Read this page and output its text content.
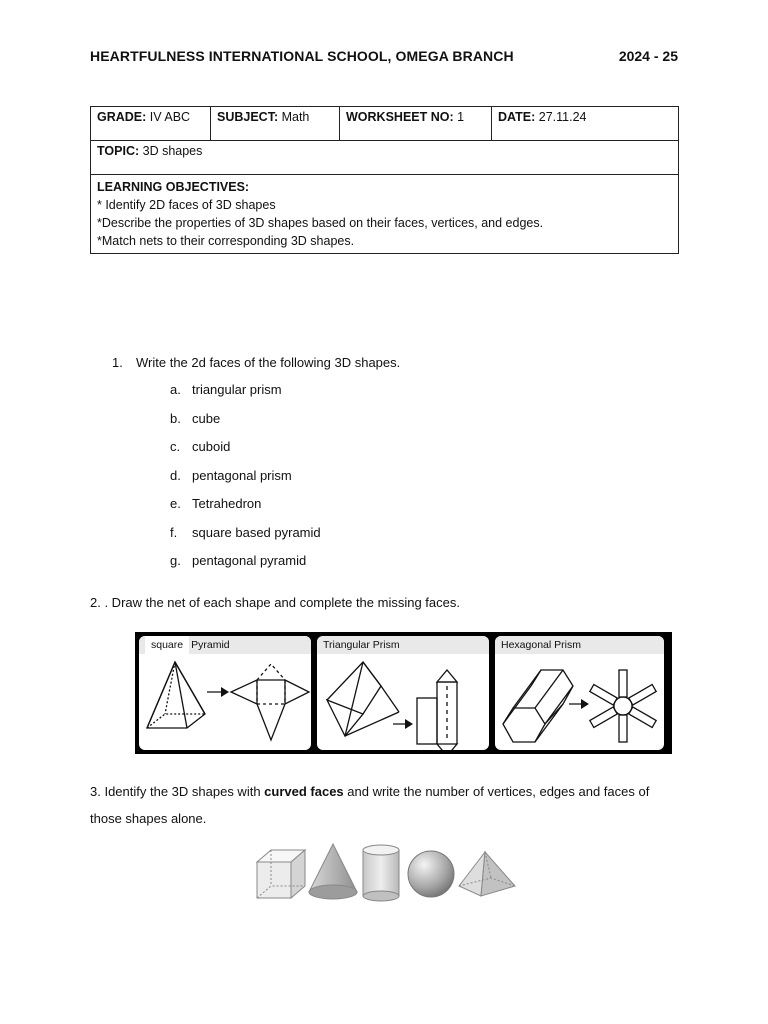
HEARTFULNESS INTERNATIONAL SCHOOL, OMEGA BRANCH	2024 - 25
GRADE: IV ABC	SUBJECT: Math	WORKSHEET NO: 1	DATE: 27.11.24
TOPIC: 3D shapes

LEARNING OBJECTIVES:
* Identify 2D faces of 3D shapes
*Describe the properties of 3D shapes based on their faces, vertices, and edges.
*Match nets to their corresponding 3D shapes.
1. Write the 2d faces of the following 3D shapes.
a. triangular prism
b. cube
c. cuboid
d. pentagonal prism
e. Tetrahedron
f. square based pyramid
g. pentagonal pyramid
2. . Draw the net of each shape and complete the missing faces.
square Pyramid	Triangular Prism	Hexagonal Prism
3. Identify the 3D shapes with curved faces and write the number of vertices, edges and faces of those shapes alone.
